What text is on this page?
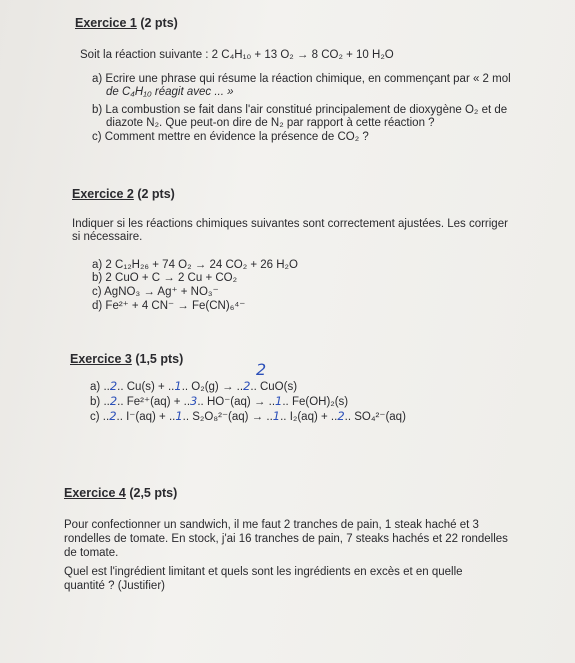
Exercice 1 (2 pts)
Soit la réaction suivante : 2 C₄H₁₀ + 13 O₂ → 8 CO₂ + 10 H₂O
a) Ecrire une phrase qui résume la réaction chimique, en commençant par « 2 mol
de C₄H₁₀ réagit avec ... »
b) La combustion se fait dans l'air constitué principalement de dioxygène O₂ et de
diazote N₂. Que peut-on dire de N₂ par rapport à cette réaction ?
c) Comment mettre en évidence la présence de CO₂ ?
Exercice 2 (2 pts)
Indiquer si les réactions chimiques suivantes sont correctement ajustées. Les corriger
si nécessaire.
a) 2 C₁₂H₂₆ + 74 O₂ → 24 CO₂ + 26 H₂O
b) 2 CuO + C → 2 Cu + CO₂
c) AgNO₃ → Ag⁺ + NO₃⁻
d) Fe²⁺ + 4 CN⁻ → Fe(CN)₆⁴⁻
Exercice 3 (1,5 pts)
2
a) ..2.. Cu(s) + ..1.. O₂(g) → ..2.. CuO(s)
b) ..2.. Fe²⁺(aq) + ..3.. HO⁻(aq) → ..1.. Fe(OH)₂(s)
c) ..2.. I⁻(aq) + ..1.. S₂O₈²⁻(aq) → ..1.. I₂(aq) + ..2.. SO₄²⁻(aq)
Exercice 4 (2,5 pts)
Pour confectionner un sandwich, il me faut 2 tranches de pain, 1 steak haché et 3
rondelles de tomate. En stock, j'ai 16 tranches de pain, 7 steaks hachés et 22 rondelles
de tomate.
Quel est l'ingrédient limitant et quels sont les ingrédients en excès et en quelle
quantité ? (Justifier)
